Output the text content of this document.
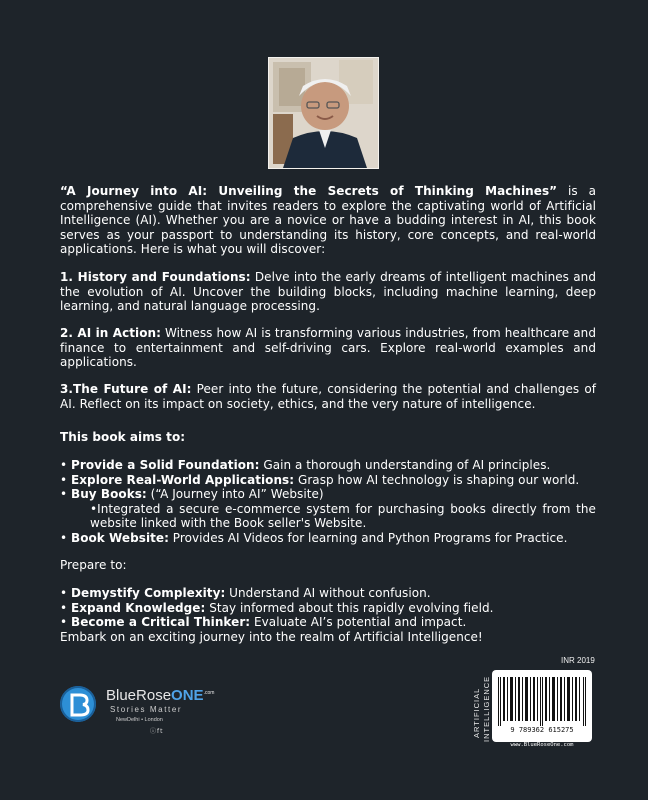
“A Journey into AI: Unveiling the Secrets of Thinking Machines” is a comprehensive guide that invites readers to explore the captivating world of Artificial Intelligence (AI). Whether you are a novice or have a budding interest in AI, this book serves as your passport to understanding its history, core concepts, and real-world applications. Here is what you will discover:

1. History and Foundations: Delve into the early dreams of intelligent machines and the evolution of AI. Uncover the building blocks, including machine learning, deep learning, and natural language processing.

2. AI in Action: Witness how AI is transforming various industries, from healthcare and finance to entertainment and self-driving cars. Explore real-world examples and applications.

3.The Future of AI: Peer into the future, considering the potential and challenges of AI. Reflect on its impact on society, ethics, and the very nature of intelligence.

This book aims to:

• Provide a Solid Foundation: Gain a thorough understanding of AI principles.
• Explore Real-World Applications: Grasp how AI technology is shaping our world.
• Buy Books: (“A Journey into AI” Website)
•Integrated a secure e-commerce system for purchasing books directly from the website linked with the Book seller's Website.
• Book Website: Provides AI Videos for learning and Python Programs for Practice.

Prepare to:

• Demystify Complexity: Understand AI without confusion.
• Expand Knowledge: Stay informed about this rapidly evolving field.
• Become a Critical Thinker: Evaluate AI’s potential and impact.

Embark on an exciting journey into the realm of Artificial Intelligence!

BlueRoseONE$^{.com}$
Stories Matter
NewDelhi • London
ⓘft
INR 2019
ARTIFICIAL INTELLIGENCE	9 789362 615275
www.BlueRoseOne.com
